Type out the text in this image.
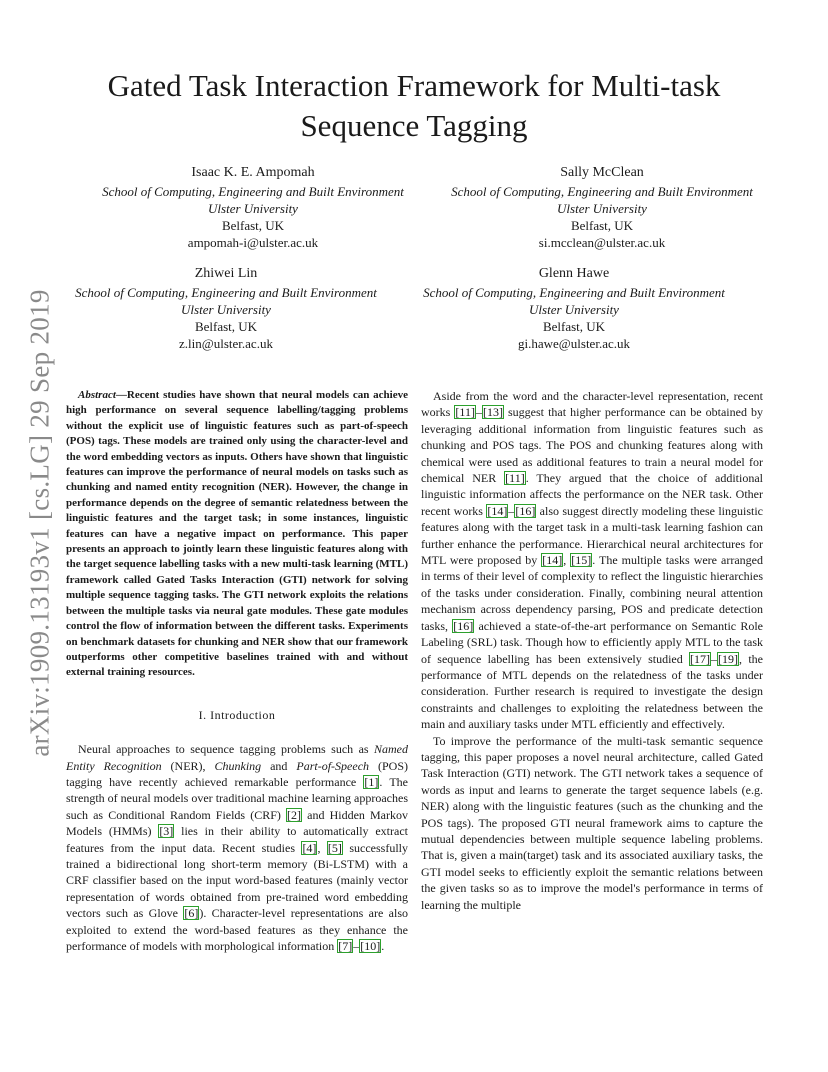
arXiv:1909.13193v1 [cs.LG] 29 Sep 2019
Gated Task Interaction Framework for Multi-task Sequence Tagging
Isaac K. E. Ampomah
School of Computing, Engineering and Built Environment
Ulster University
Belfast, UK
ampomah-i@ulster.ac.uk
Sally McClean
School of Computing, Engineering and Built Environment
Ulster University
Belfast, UK
si.mcclean@ulster.ac.uk
Zhiwei Lin
School of Computing, Engineering and Built Environment
Ulster University
Belfast, UK
z.lin@ulster.ac.uk
Glenn Hawe
School of Computing, Engineering and Built Environment
Ulster University
Belfast, UK
gi.hawe@ulster.ac.uk

Abstract—Recent studies have shown that neural models can achieve high performance on several sequence labelling/tagging problems without the explicit use of linguistic features such as part-of-speech (POS) tags. These models are trained only using the character-level and the word embedding vectors as inputs. Others have shown that linguistic features can improve the performance of neural models on tasks such as chunking and named entity recognition (NER). However, the change in performance depends on the degree of semantic relatedness between the linguistic features and the target task; in some instances, linguistic features can have a negative impact on performance. This paper presents an approach to jointly learn these linguistic features along with the target sequence labelling tasks with a new multi-task learning (MTL) framework called Gated Tasks Interaction (GTI) network for solving multiple sequence tagging tasks. The GTI network exploits the relations between the multiple tasks via neural gate modules. These gate modules control the flow of information between the different tasks. Experiments on benchmark datasets for chunking and NER show that our framework outperforms other competitive baselines trained with and without external training resources.

I. Introduction

Neural approaches to sequence tagging problems such as Named Entity Recognition (NER), Chunking and Part-of-Speech (POS) tagging have recently achieved remarkable performance [1]. The strength of neural models over traditional machine learning approaches such as Conditional Random Fields (CRF) [2] and Hidden Markov Models (HMMs) [3] lies in their ability to automatically extract features from the input data. Recent studies [4], [5] successfully trained a bidirectional long short-term memory (Bi-LSTM) with a CRF classifier based on the input word-based features (mainly vector representation of words obtained from pre-trained word embedding vectors such as Glove [6]). Character-level representations are also exploited to extend the word-based features as they enhance the performance of models with morphological information [7]–[10].

Aside from the word and the character-level representation, recent works [11]–[13] suggest that higher performance can be obtained by leveraging additional information from linguistic features such as chunking and POS tags. The POS and chunking features along with chemical were used as additional features to train a neural model for chemical NER [11]. They argued that the choice of additional linguistic information affects the performance on the NER task. Other recent works [14]–[16] also suggest directly modeling these linguistic features along with the target task in a multi-task learning fashion can further enhance the performance. Hierarchical neural architectures for MTL were proposed by [14], [15]. The multiple tasks were arranged in terms of their level of complexity to reflect the linguistic hierarchies of the tasks under consideration. Finally, combining neural attention mechanism across dependency parsing, POS and predicate detection tasks, [16] achieved a state-of-the-art performance on Semantic Role Labeling (SRL) task. Though how to efficiently apply MTL to the task of sequence labelling has been extensively studied [17]–[19], the performance of MTL depends on the relatedness of the tasks under consideration. Further research is required to investigate the design constraints and challenges to exploiting the relatedness between the main and auxiliary tasks under MTL efficiently and effectively.

To improve the performance of the multi-task semantic sequence tagging, this paper proposes a novel neural architecture, called Gated Task Interaction (GTI) network. The GTI network takes a sequence of words as input and learns to generate the target sequence labels (e.g. NER) along with the linguistic features (such as the chunking and the POS tags). The proposed GTI neural framework aims to capture the mutual dependencies between multiple sequence labeling problems. That is, given a main(target) task and its associated auxiliary tasks, the GTI model seeks to efficiently exploit the semantic relations between the given tasks so as to improve the model's performance in terms of learning the multiple
